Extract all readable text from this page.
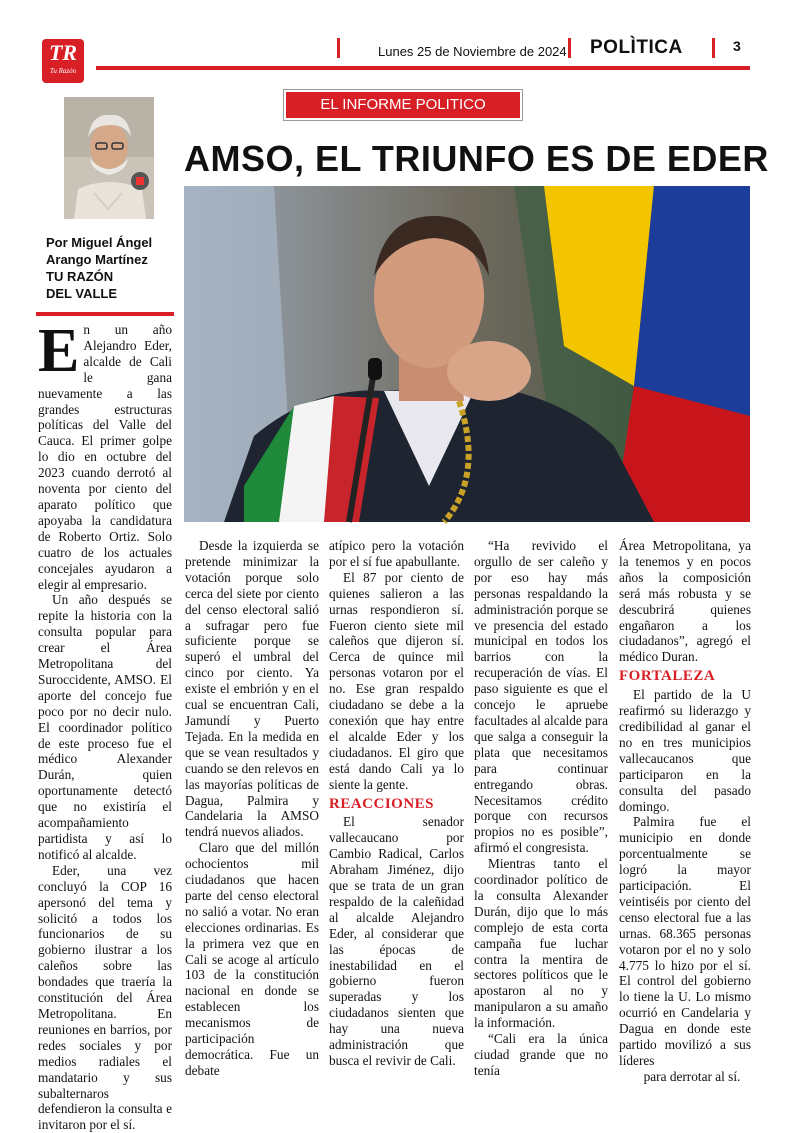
TR
Tu Razón
Lunes 25 de Noviembre de 2024 POLÌTICA	3
EL INFORME POLITICO
AMSO, EL TRIUNFO ES DE EDER
Por Miguel Ángel
Arango Martínez
TU RAZÓN
DEL VALLE
E n un año Alejandro Eder, alcalde de Cali le gana nuevamente a las grandes estructuras políticas del Valle del Cauca. El primer golpe lo dio en octubre del 2023 cuando derrotó al noventa por ciento del aparato político que apoyaba la candidatura de Roberto Ortiz. Solo cuatro de los actuales concejales ayudaron a elegir al empresario.

Un año después se repite la historia con la consulta popular para crear el Área Metropolitana del Suroccidente, AMSO. El aporte del concejo fue poco por no decir nulo. El coordinador político de este proceso fue el médico Alexander Durán, quien oportunamente detectó que no existiría el acompañamiento partidista y así lo notificó al alcalde.

Eder, una vez concluyó la COP 16 apersonó del tema y solicitó a todos los funcionarios de su gobierno ilustrar a los caleños sobre las bondades que traería la constitución del Área Metropolitana. En reuniones en barrios, por redes sociales y por medios radiales el mandatario y sus subalternaros defendieron la consulta e invitaron por el sí.

Desde la izquierda se pretende minimizar la votación porque solo cerca del siete por ciento del censo electoral salió a sufragar pero fue suficiente porque se superó el umbral del cinco por ciento. Ya existe el embrión y en el cual se encuentran Cali, Jamundí y Puerto Tejada. En la medida en que se vean resultados y cuando se den relevos en las mayorías políticas de Dagua, Palmira y Candelaria la AMSO tendrá nuevos aliados.

Claro que del millón ochocientos mil ciudadanos que hacen parte del censo electoral no salió a votar. No eran elecciones ordinarias. Es la primera vez que en Cali se acoge al artículo 103 de la constitución nacional en donde se establecen los mecanismos de participación democrática. Fue un debate

atípico pero la votación por el sí fue apabullante.

El 87 por ciento de quienes salieron a las urnas respondieron sí. Fueron ciento siete mil caleños que dijeron sí. Cerca de quince mil personas votaron por el no. Ese gran respaldo ciudadano se debe a la conexión que hay entre el alcalde Eder y los ciudadanos. El giro que está dando Cali ya lo siente la gente.

REACCIONES

El senador vallecaucano por Cambio Radical, Carlos Abraham Jiménez, dijo que se trata de un gran respaldo de la caleñidad al alcalde Alejandro Eder, al considerar que las épocas de inestabilidad en el gobierno fueron superadas y los ciudadanos sienten que hay una nueva administración que busca el revivir de Cali.

“Ha revivido el orgullo de ser caleño y por eso hay más personas respaldando la administración porque se ve presencia del estado municipal en todos los barrios con la recuperación de vías. El paso siguiente es que el concejo le apruebe facultades al alcalde para que salga a conseguir la plata que necesitamos para continuar entregando obras. Necesitamos crédito porque con recursos propios no es posible”, afirmó el congresista.

Mientras tanto el coordinador político de la consulta Alexander Durán, dijo que lo más complejo de esta corta campaña fue luchar contra la mentira de sectores políticos que le apostaron al no y manipularon a su amaño la información.

“Cali era la única ciudad grande que no tenía

Área Metropolitana, ya la tenemos y en pocos años la composición será más robusta y se descubrirá quienes engañaron a los ciudadanos”, agregó el médico Duran.

FORTALEZA

El partido de la U reafirmó su liderazgo y credibilidad al ganar el no en tres municipios vallecaucanos que participaron en la consulta del pasado domingo.

Palmira fue el municipio en donde porcentualmente se logró la mayor participación. El veintiséis por ciento del censo electoral fue a las urnas. 68.365 personas votaron por el no y solo 4.775 lo hizo por el sí. El control del gobierno lo tiene la U. Lo mismo ocurrió en Candelaria y Dagua en donde este partido movilizó a sus líderes

para derrotar al sí.
